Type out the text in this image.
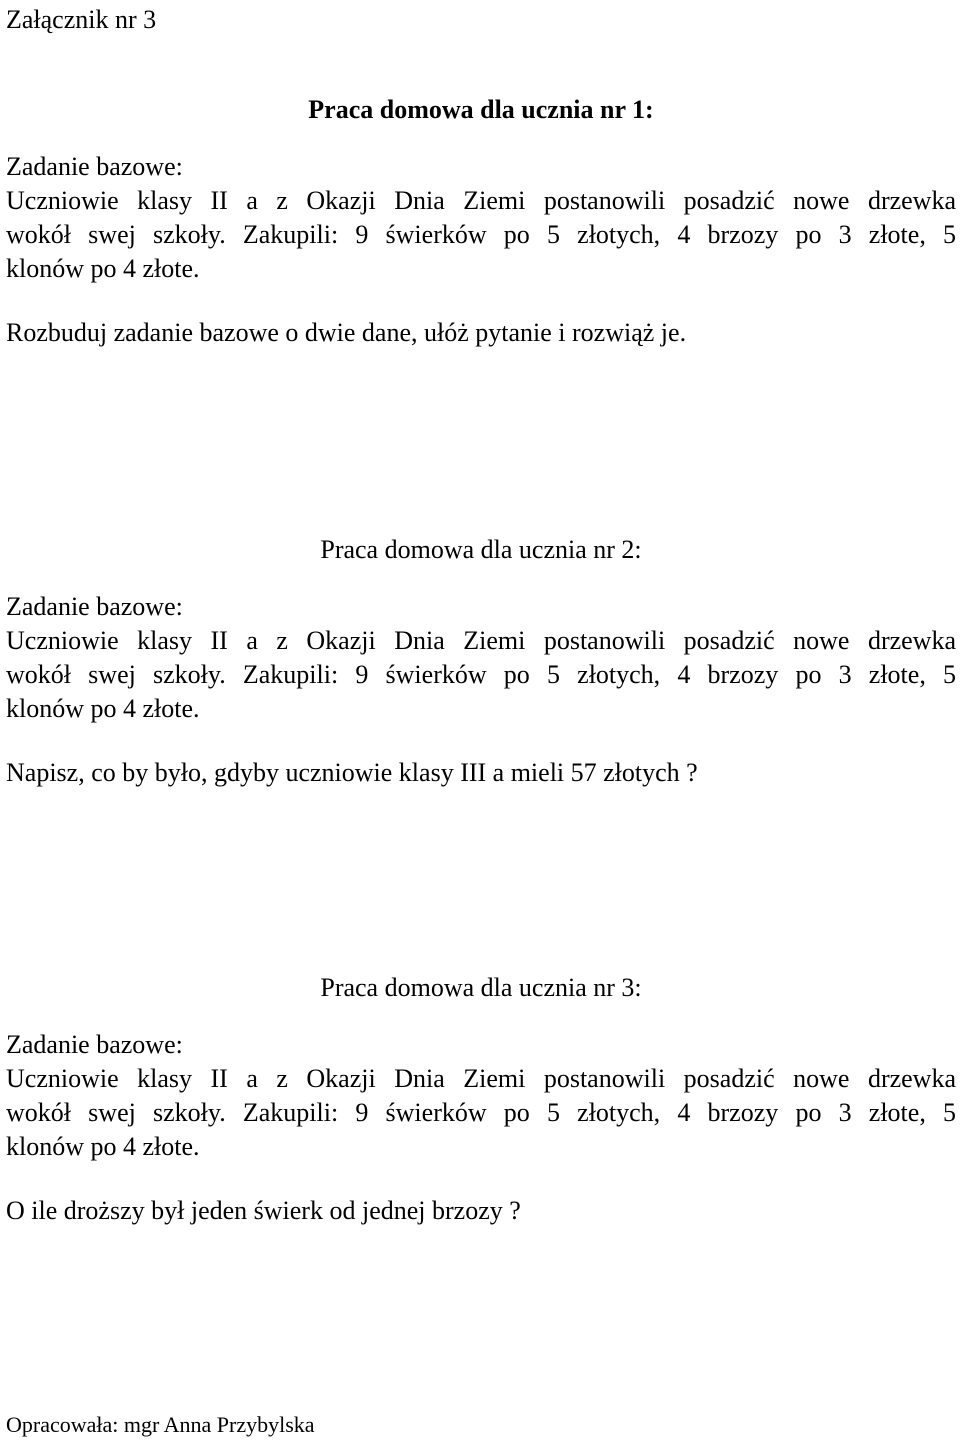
Załącznik nr 3

Praca domowa dla ucznia nr 1:

Zadanie bazowe:

Uczniowie klasy II a z Okazji Dnia Ziemi postanowili posadzić nowe drzewka

wokół swej szkoły. Zakupili: 9 świerków po 5 złotych, 4 brzozy po 3 złote, 5

klonów po 4 złote.

Rozbuduj zadanie bazowe o dwie dane, ułóż pytanie i rozwiąż je.

Praca domowa dla ucznia nr 2:

Zadanie bazowe:

Uczniowie klasy II a z Okazji Dnia Ziemi postanowili posadzić nowe drzewka

wokół swej szkoły. Zakupili: 9 świerków po 5 złotych, 4 brzozy po 3 złote, 5

klonów po 4 złote.

Napisz, co by było, gdyby uczniowie klasy III a mieli 57 złotych ?

Praca domowa dla ucznia nr 3:

Zadanie bazowe:

Uczniowie klasy II a z Okazji Dnia Ziemi postanowili posadzić nowe drzewka

wokół swej szkoły. Zakupili: 9 świerków po 5 złotych, 4 brzozy po 3 złote, 5

klonów po 4 złote.

O ile droższy był jeden świerk od jednej brzozy ?

Opracowała: mgr Anna Przybylska
